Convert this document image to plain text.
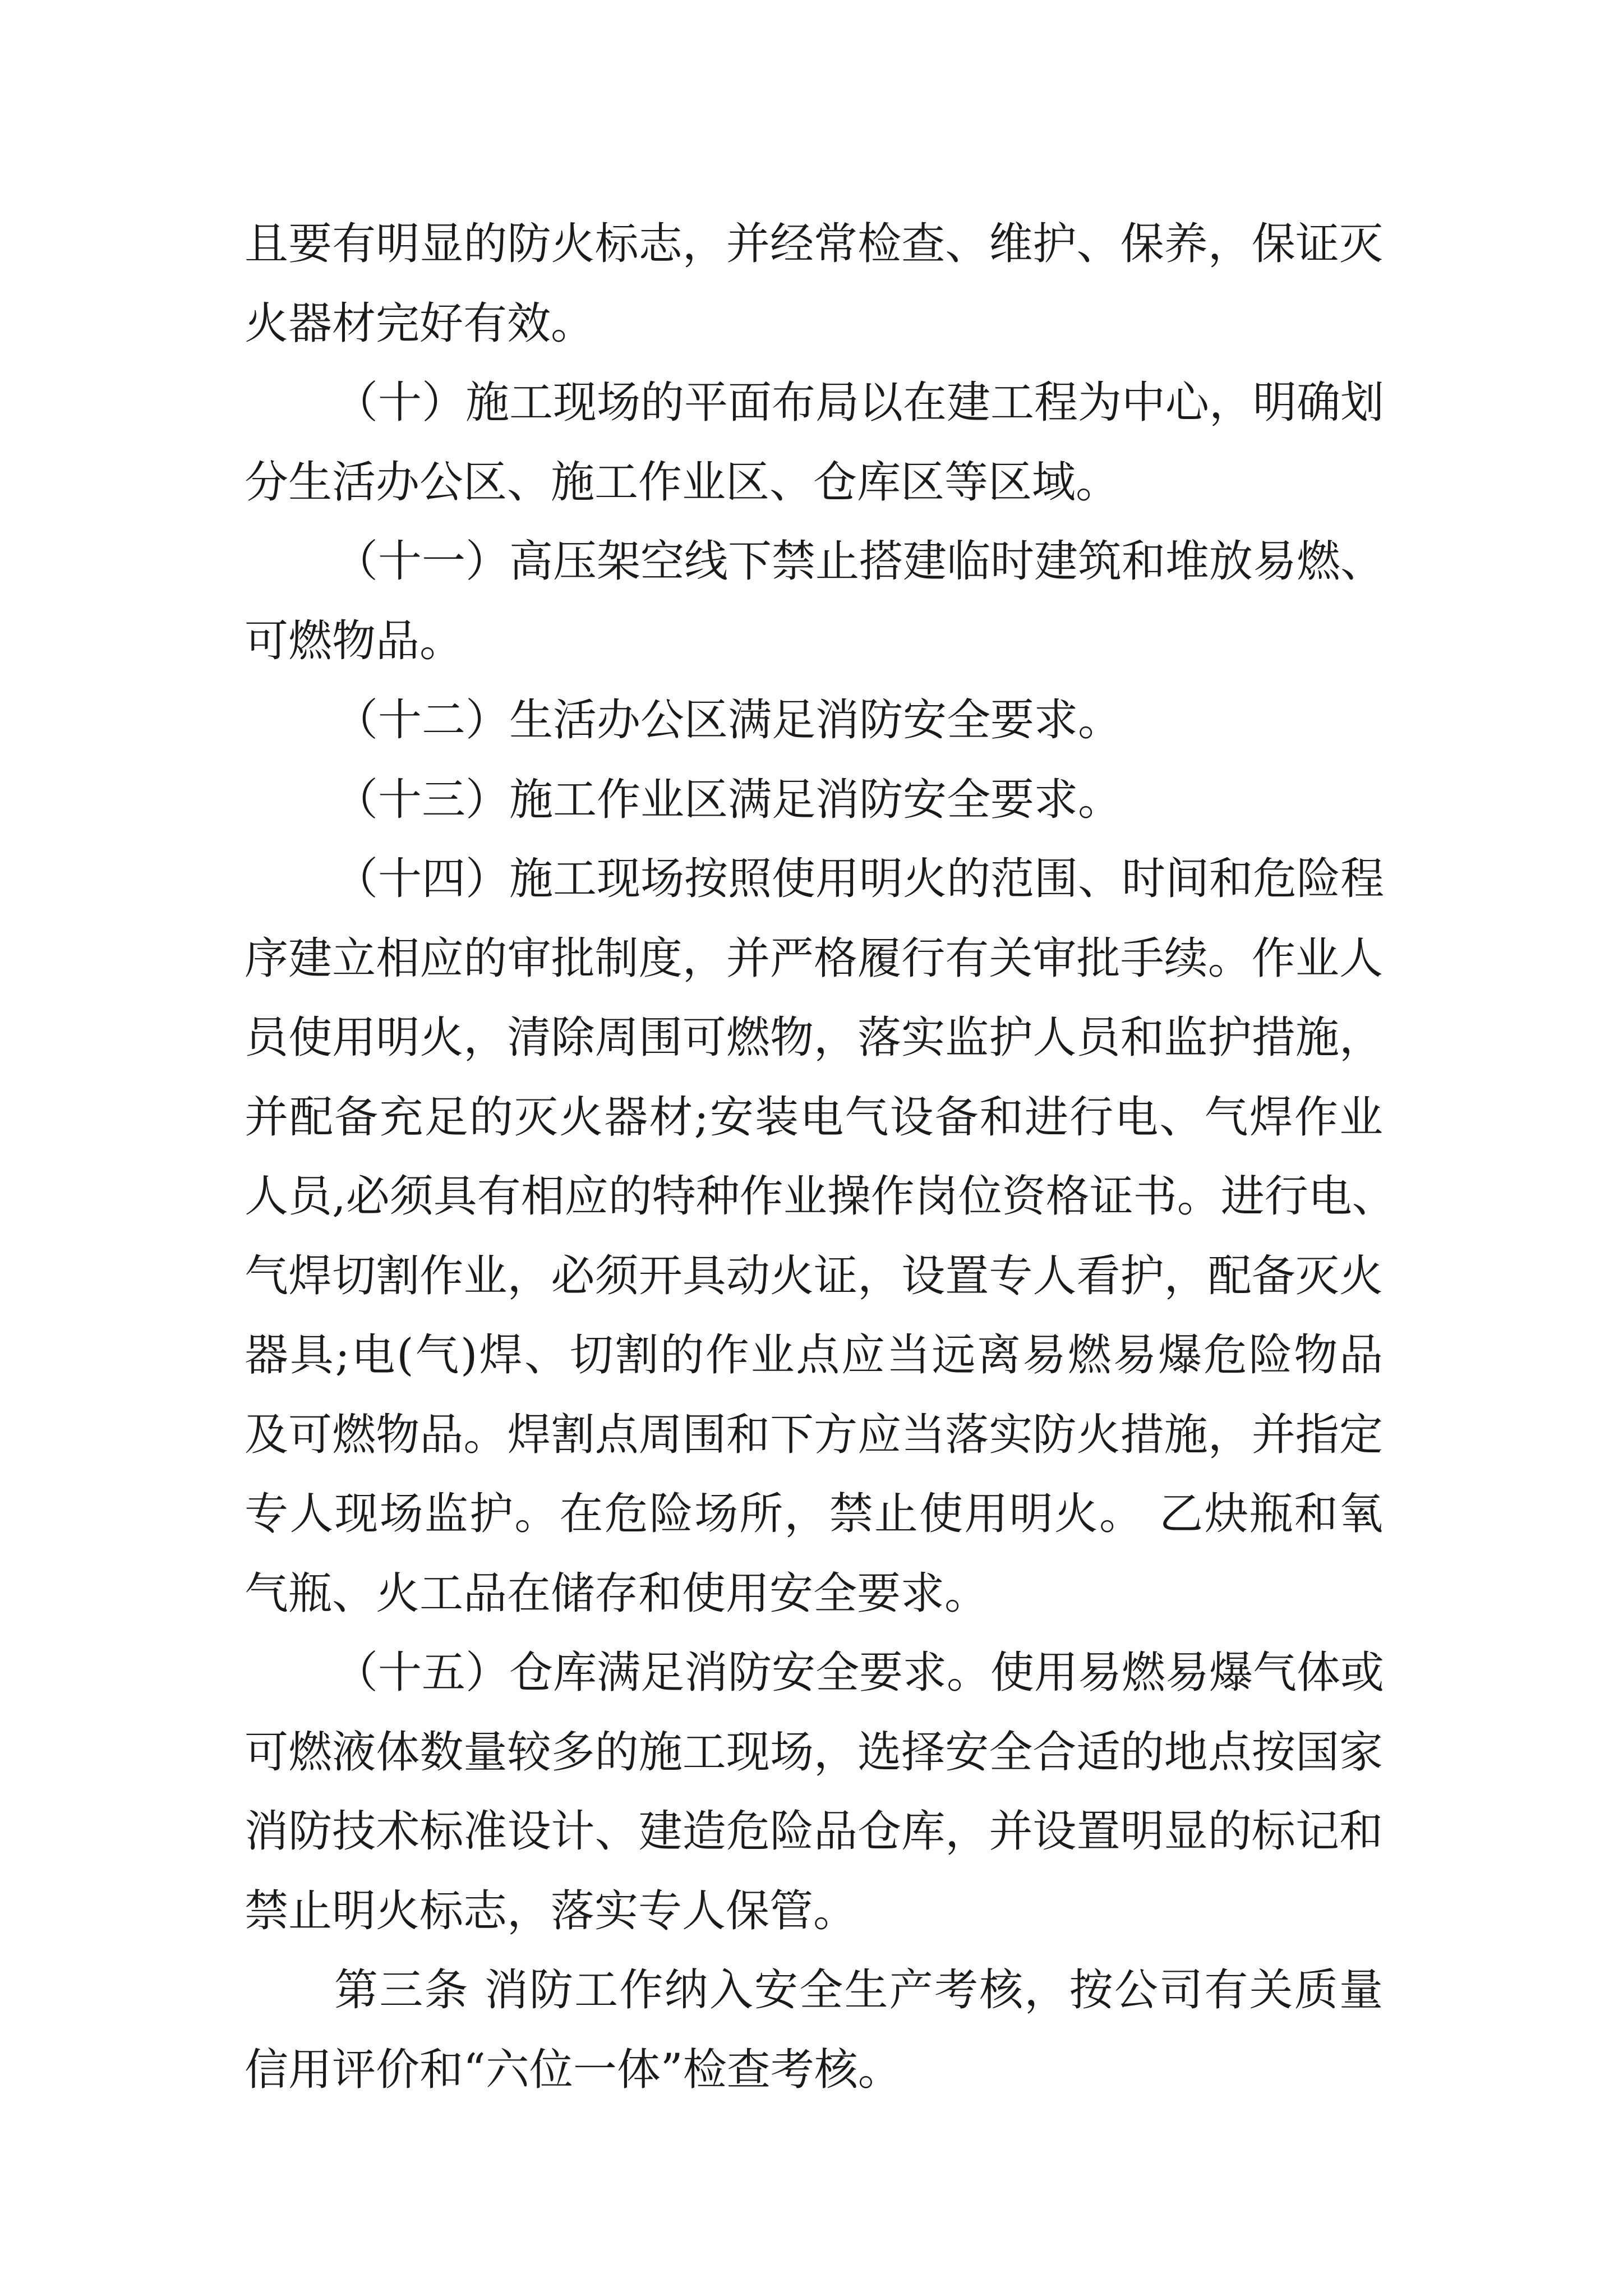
且要有明显的防火标志，并经常检查、维护、保养，保证灭
火器材完好有效。
（十）施工现场的平面布局以在建工程为中心，明确划
分生活办公区、施工作业区、仓库区等区域。
（十一）高压架空线下禁止搭建临时建筑和堆放易燃、
可燃物品。
（十二）生活办公区满足消防安全要求。
（十三）施工作业区满足消防安全要求。
（十四）施工现场按照使用明火的范围、时间和危险程
序建立相应的审批制度，并严格履行有关审批手续。作业人
员使用明火，清除周围可燃物，落实监护人员和监护措施，
并配备充足的灭火器材;安装电气设备和进行电、气焊作业
人员,必须具有相应的特种作业操作岗位资格证书。进行电、
气焊切割作业，必须开具动火证，设置专人看护，配备灭火
器具;电(气)焊、切割的作业点应当远离易燃易爆危险物品
及可燃物品。焊割点周围和下方应当落实防火措施，并指定
专人现场监护。在危险场所，禁止使用明火。 乙炔瓶和氧
气瓶、火工品在储存和使用安全要求。
（十五）仓库满足消防安全要求。使用易燃易爆气体或
可燃液体数量较多的施工现场，选择安全合适的地点按国家
消防技术标准设计、建造危险品仓库，并设置明显的标记和
禁止明火标志，落实专人保管。
第三条 消防工作纳入安全生产考核，按公司有关质量
信用评价和“六位一体”检查考核。
